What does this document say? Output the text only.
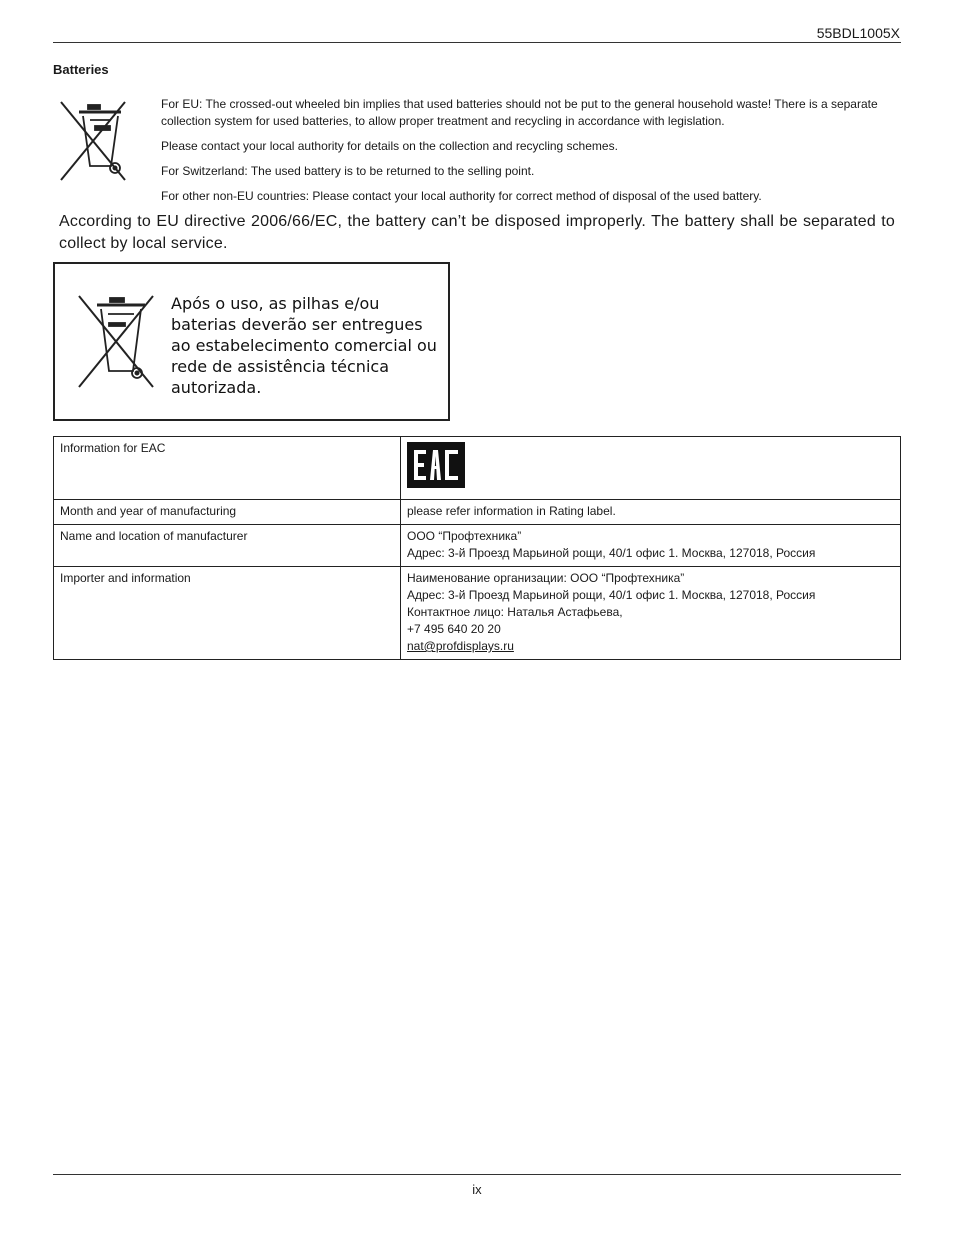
55BDL1005X
Batteries

For EU: The crossed-out wheeled bin implies that used batteries should not be put to the general household waste! There is a separate collection system for used batteries, to allow proper treatment and recycling in accordance with legislation.

Please contact your local authority for details on the collection and recycling schemes.

For Switzerland: The used battery is to be returned to the selling point.

For other non-EU countries: Please contact your local authority for correct method of disposal of the used battery.

According to EU directive 2006/66/EC, the battery can’t be disposed improperly. The battery shall be separated to collect by local service.
Após o uso, as pilhas e/ou baterias deverão ser entregues ao estabelecimento comercial ou rede de assistência técnica autorizada.
Information for EAC	
Month and year of manufacturing	please refer information in Rating label.
Name and location of manufacturer	ООО “Профтехника”
Адрес: 3-й Проезд Марьиной рощи, 40/1 офис 1. Москва, 127018, Россия

Importer and information	Наименование организации: ООО “Профтехника”
Адрес: 3-й Проезд Марьиной рощи, 40/1 офис 1. Москва, 127018, Россия
Контактное лицо: Наталья Астафьева,
+7 495 640 20 20
nat@profdisplays.ru
ix
